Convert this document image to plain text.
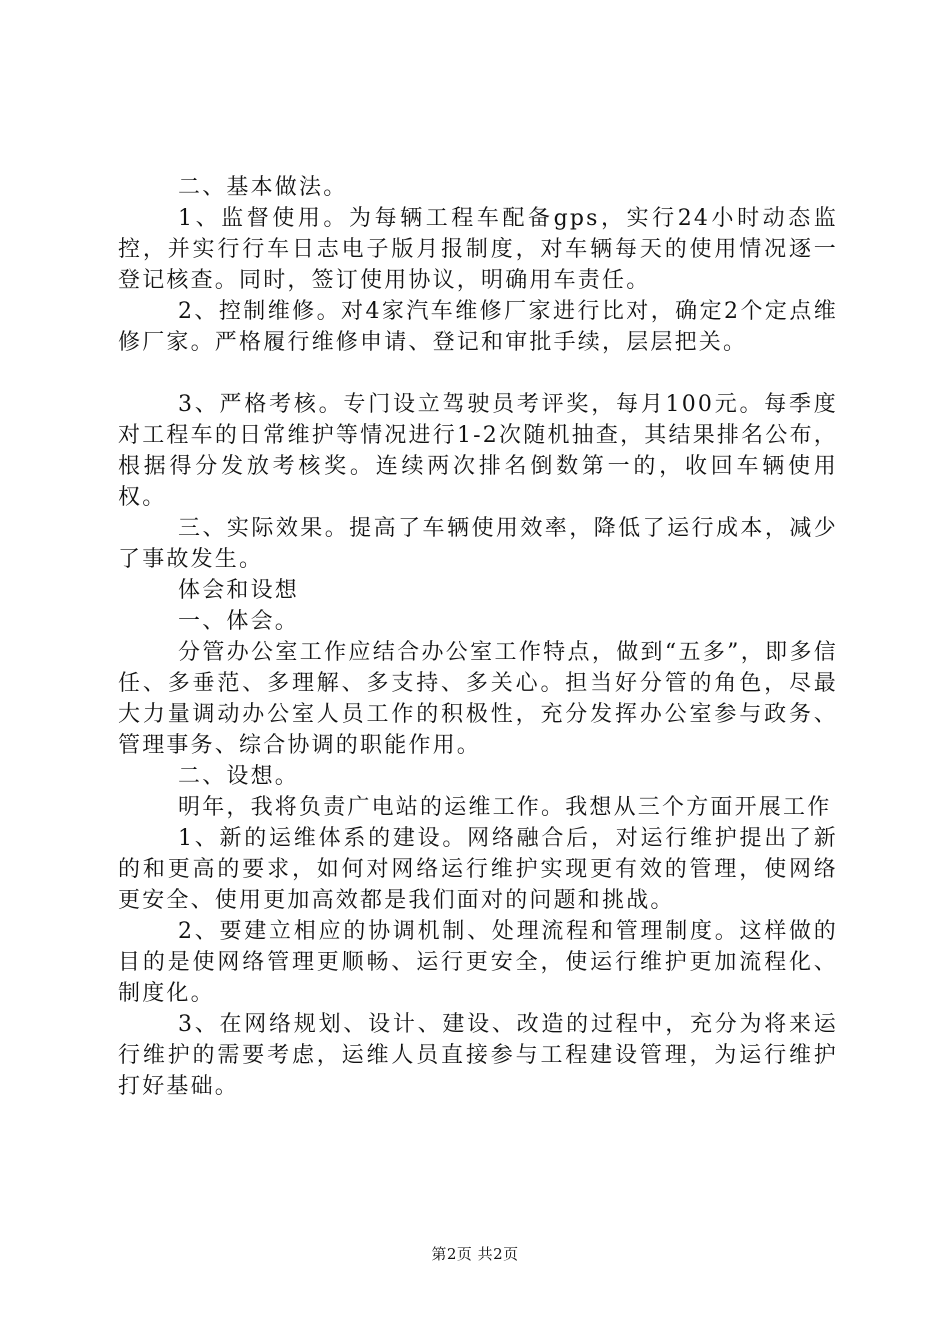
二、基本做法。

1、监督使用。为每辆工程车配备gps，实行24小时动态监控，并实行行车日志电子版月报制度，对车辆每天的使用情况逐一登记核查。同时，签订使用协议，明确用车责任。

2、控制维修。对4家汽车维修厂家进行比对，确定2个定点维修厂家。严格履行维修申请、登记和审批手续，层层把关。

3、严格考核。专门设立驾驶员考评奖，每月100元。每季度对工程车的日常维护等情况进行1-2次随机抽查，其结果排名公布，根据得分发放考核奖。连续两次排名倒数第一的，收回车辆使用权。

三、实际效果。提高了车辆使用效率，降低了运行成本，减少了事故发生。

体会和设想

一、体会。

分管办公室工作应结合办公室工作特点，做到“五多”，即多信任、多垂范、多理解、多支持、多关心。担当好分管的角色，尽最大力量调动办公室人员工作的积极性，充分发挥办公室参与政务、管理事务、综合协调的职能作用。

二、设想。

明年，我将负责广电站的运维工作。我想从三个方面开展工作

1、新的运维体系的建设。网络融合后，对运行维护提出了新的和更高的要求，如何对网络运行维护实现更有效的管理，使网络更安全、使用更加高效都是我们面对的问题和挑战。

2、要建立相应的协调机制、处理流程和管理制度。这样做的目的是使网络管理更顺畅、运行更安全，使运行维护更加流程化、制度化。

3、在网络规划、设计、建设、改造的过程中，充分为将来运行维护的需要考虑，运维人员直接参与工程建设管理，为运行维护打好基础。

第2页 共2页
